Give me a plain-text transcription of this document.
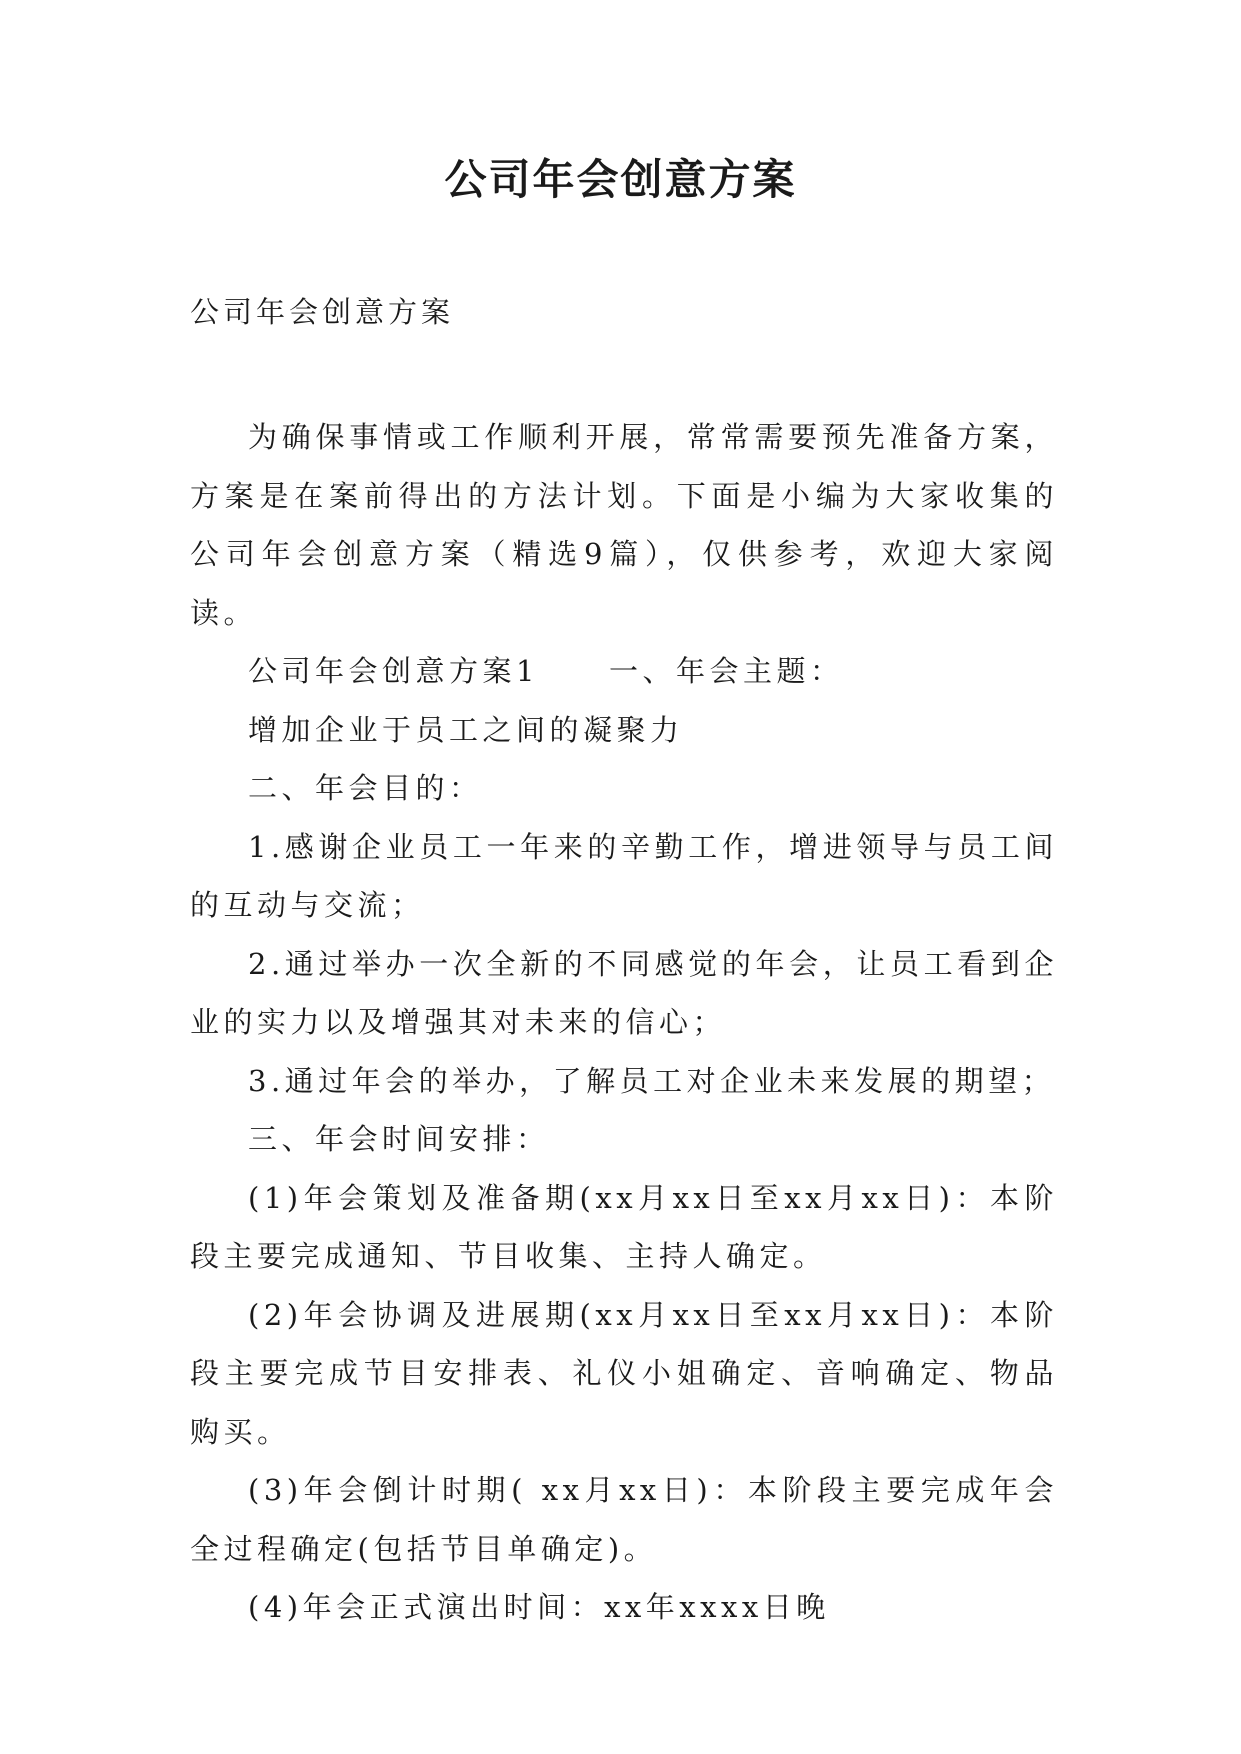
公司年会创意方案
公司年会创意方案

为确保事情或工作顺利开展，常常需要预先准备方案，方案是在案前得出的方法计划。下面是小编为大家收集的公司年会创意方案（精选9篇），仅供参考，欢迎大家阅读。

公司年会创意方案1 一、年会主题：

增加企业于员工之间的凝聚力

二、年会目的：

1.感谢企业员工一年来的辛勤工作，增进领导与员工间的互动与交流；

2.通过举办一次全新的不同感觉的年会，让员工看到企业的实力以及增强其对未来的信心；

3.通过年会的举办，了解员工对企业未来发展的期望；

三、年会时间安排：

(1)年会策划及准备期(xx月xx日至xx月xx日)：本阶段主要完成通知、节目收集、主持人确定。

(2)年会协调及进展期(xx月xx日至xx月xx日)：本阶段主要完成节目安排表、礼仪小姐确定、音响确定、物品购买。

(3)年会倒计时期( xx月xx日)：本阶段主要完成年会全过程确定(包括节目单确定)。

(4)年会正式演出时间：xx年xxxx日晚
